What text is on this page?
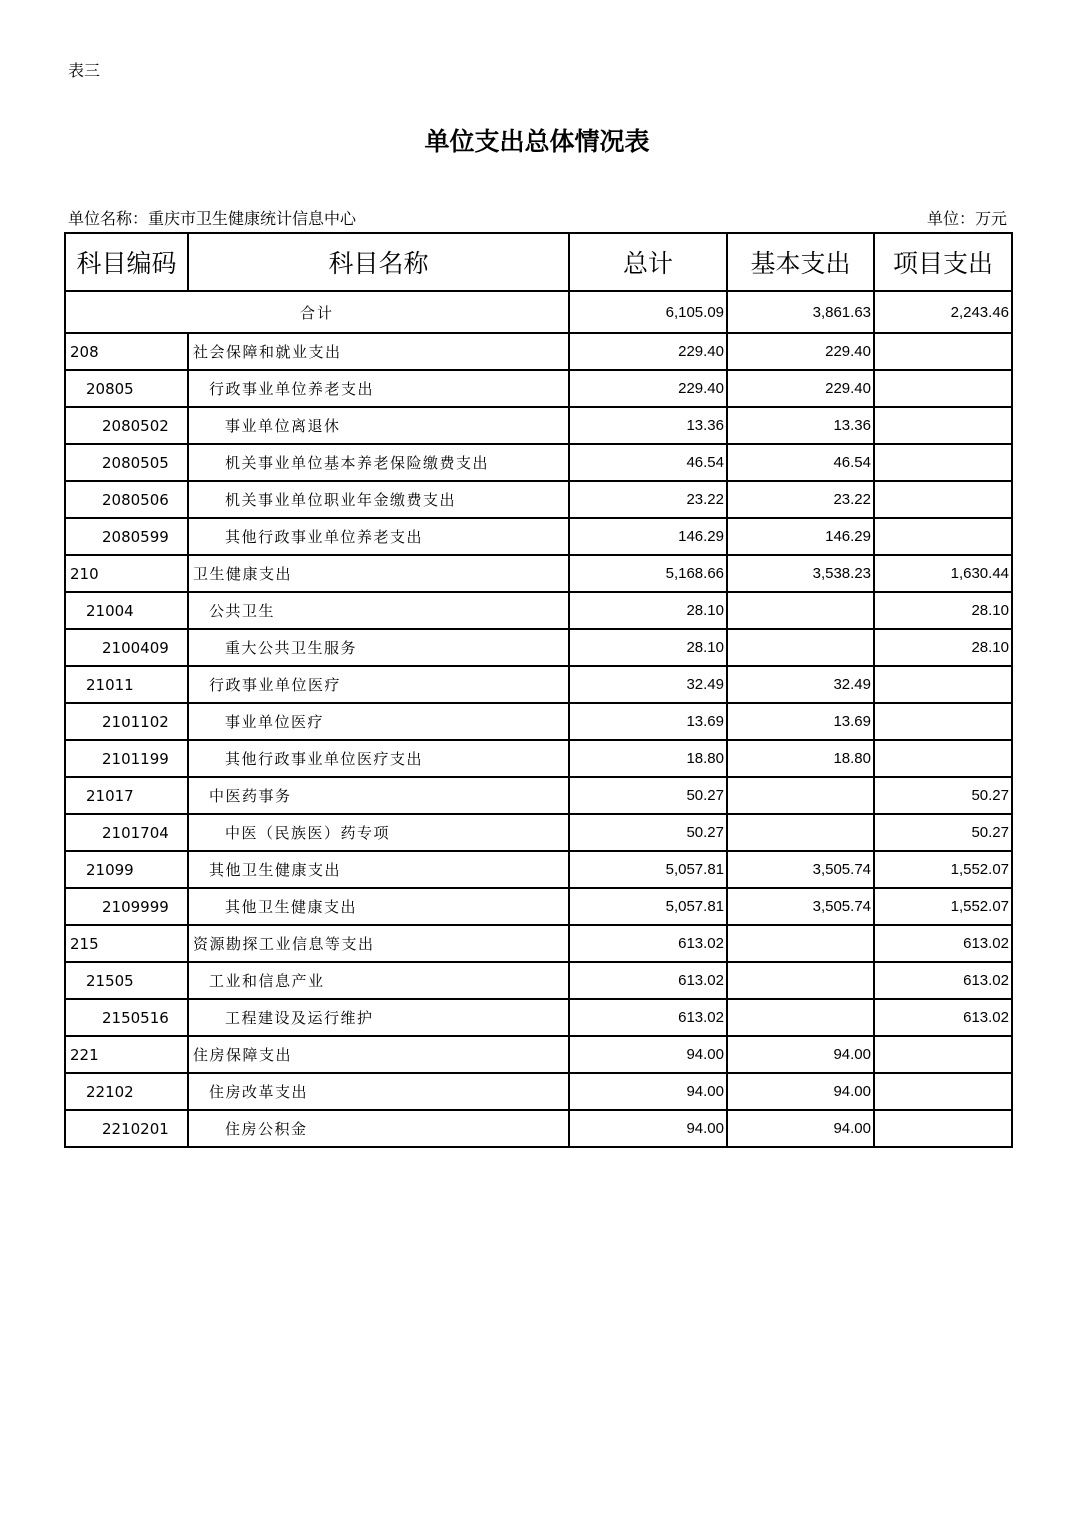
表三
单位支出总体情况表
单位名称：重庆市卫生健康统计信息中心	单位：万元
科目编码	科目名称	总计	基本支出	项目支出
合计		6,105.09	3,861.63	2,243.46
208	社会保障和就业支出	229.40	229.40	
20805	行政事业单位养老支出	229.40	229.40	
2080502	事业单位离退休	13.36	13.36	
2080505	机关事业单位基本养老保险缴费支出	46.54	46.54	
2080506	机关事业单位职业年金缴费支出	23.22	23.22	
2080599	其他行政事业单位养老支出	146.29	146.29	
210	卫生健康支出	5,168.66	3,538.23	1,630.44
21004	公共卫生	28.10		28.10
2100409	重大公共卫生服务	28.10		28.10
21011	行政事业单位医疗	32.49	32.49	
2101102	事业单位医疗	13.69	13.69	
2101199	其他行政事业单位医疗支出	18.80	18.80	
21017	中医药事务	50.27		50.27
2101704	中医（民族医）药专项	50.27		50.27
21099	其他卫生健康支出	5,057.81	3,505.74	1,552.07
2109999	其他卫生健康支出	5,057.81	3,505.74	1,552.07
215	资源勘探工业信息等支出	613.02		613.02
21505	工业和信息产业	613.02		613.02
2150516	工程建设及运行维护	613.02		613.02
221	住房保障支出	94.00	94.00	
22102	住房改革支出	94.00	94.00	
2210201	住房公积金	94.00	94.00	
